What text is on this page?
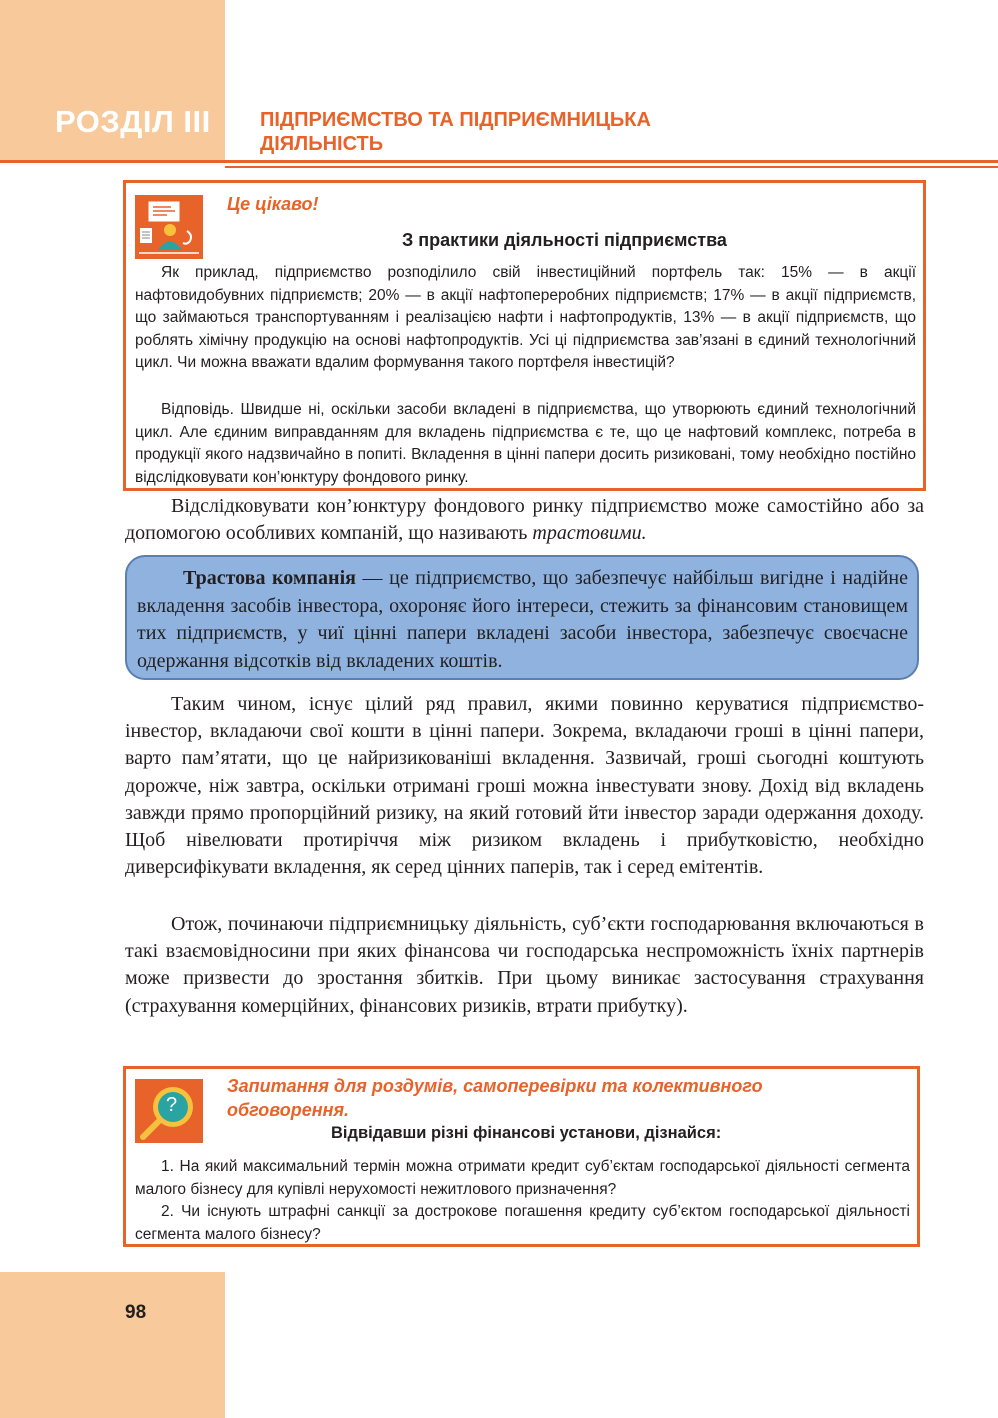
РОЗДІЛ ІІІ ПІДПРИЄМСТВО ТА ПІДПРИЄМНИЦЬКА
ДІЯЛЬНІСТЬ
Це цікаво!
З практики діяльності підприємства

Як приклад, підприємство розподілило свій інвестиційний портфель так: 15% — в акції нафтовидобувних підприємств; 20% — в акції нафтопереробних підприємств; 17% — в акції підприємств, що займаються транспортуванням і реалізацією нафти і нафтопродуктів, 13% — в акції підприємств, що роблять хімічну продукцію на основі нафтопродуктів. Усі ці підприємства зав’язані в єдиний технологічний цикл. Чи можна вважати вдалим формування такого портфеля інвестицій?

Відповідь. Швидше ні, оскільки засоби вкладені в підприємства, що утворюють єдиний технологічний цикл. Але єдиним виправданням для вкладень підприємства є те, що це нафтовий комплекс, потреба в продукції якого надзвичайно в попиті. Вкладення в цінні папери досить ризиковані, тому необхідно постійно відслідковувати кон’юнктуру фондового ринку.

Відслідковувати кон’юнктуру фондового ринку підприємство може самостійно або за допомогою особливих компаній, що називають трастовими.

Трастова компанія — це підприємство, що забезпечує найбільш вигідне і надійне вкладення засобів інвестора, охороняє його інтереси, стежить за фінансовим становищем тих підприємств, у чиї цінні папери вкладені засоби інвестора, забезпечує своєчасне одержання відсотків від вкладених коштів.

Таким чином, існує цілий ряд правил, якими повинно керуватися підприємство-інвестор, вкладаючи свої кошти в цінні папери. Зокрема, вкладаючи гроші в цінні папери, варто пам’ятати, що це найризикованіші вкладення. Зазвичай, гроші сьогодні коштують дорожче, ніж завтра, оскільки отримані гроші можна інвестувати знову. Дохід від вкладень завжди прямо пропорційний ризику, на який готовий йти інвестор заради одержання доходу. Щоб нівелювати протиріччя між ризиком вкладень і прибутковістю, необхідно диверсифікувати вкладення, як серед цінних паперів, так і серед емітентів.

Отож, починаючи підприємницьку діяльність, суб’єкти господарювання включаються в такі взаємовідносини при яких фінансова чи господарська неспроможність їхніх партнерів може призвести до зростання збитків. При цьому виникає застосування страхування (страхування комерційних, фінансових ризиків, втрати прибутку).

?
Запитання для роздумів, самоперевірки та колективного
обговорення.
Відвідавши різні фінансові установи, дізнайся:

1. На який максимальний термін можна отримати кредит суб’єктам господарської діяльності сегмента малого бізнесу для купівлі нерухомості нежитлового призначення?

2. Чи існують штрафні санкції за дострокове погашення кредиту суб’єктом господарської діяльності сегмента малого бізнесу?

98
